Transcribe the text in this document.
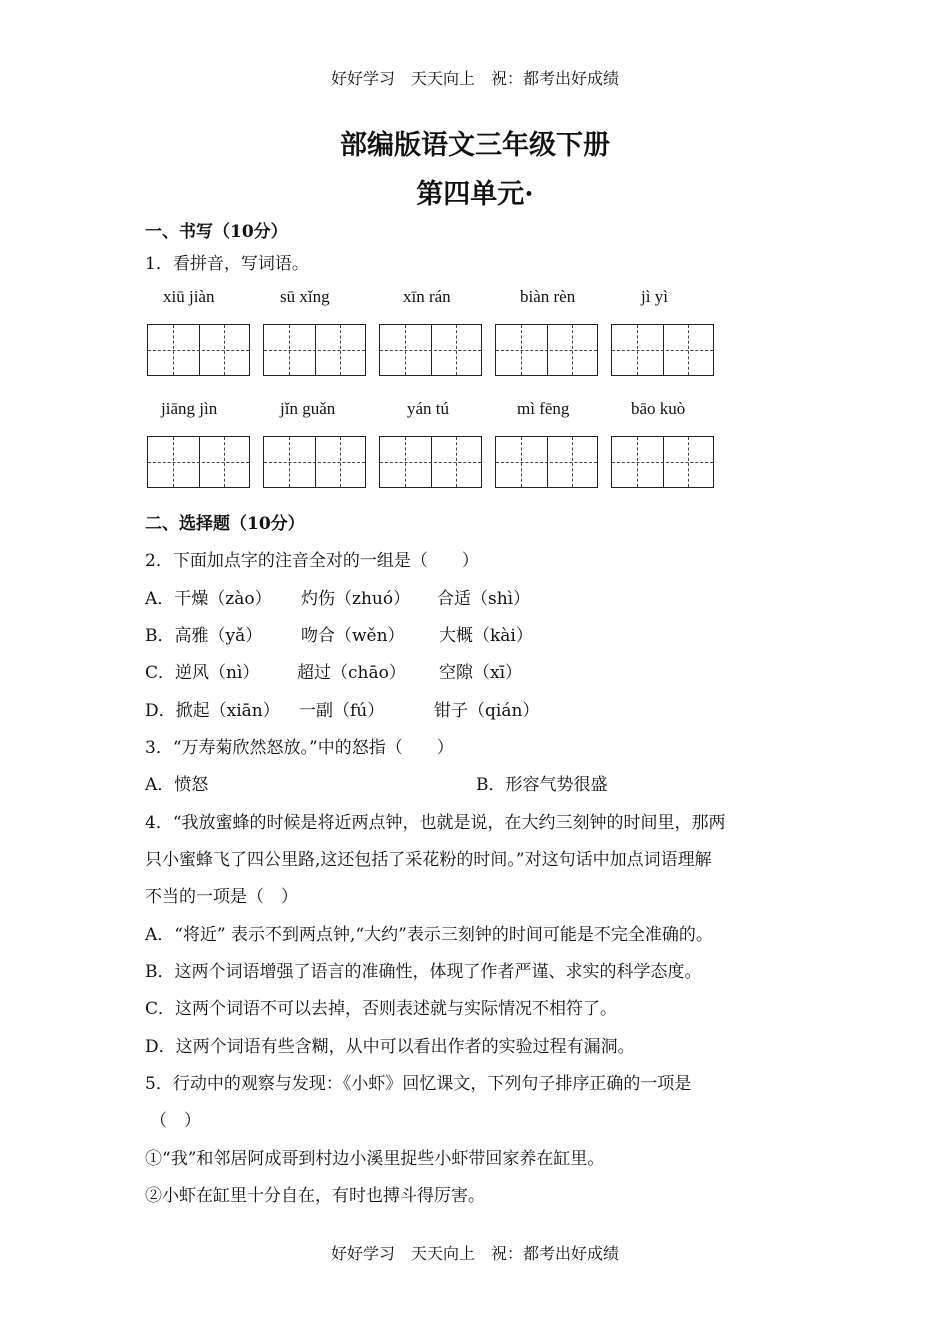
好好学习　天天向上　祝：都考出好成绩
部编版语文三年级下册
第四单元·
一、书写（10分）
1．看拼音，写词语。
xiū jiàn	sū xǐng	xīn rán	biàn rèn	jì yì
jiāng jìn	jǐn guǎn	yán tú	mì fēng	bāo kuò
二、选择题（10分）
2．下面加点字的注音全对的一组是（　　）
A．干燥（zào） 灼伤（zhuó） 合适（shì）
B．高雅（yǎ） 吻合（wěn） 大概（kài）
C．逆风（nì） 超过（chāo） 空隙（xī）
D．掀起（xiān） 一副（fú）	钳子（qián）
3．“万寿菊欣然怒放。”中的怒指（　　）
A．愤怒	B．形容气势很盛
4．“我放蜜蜂的时候是将近两点钟，也就是说，在大约三刻钟的时间里，那两
只小蜜蜂飞了四公里路,这还包括了采花粉的时间。”对这句话中加点词语理解
不当的一项是（　）
A．“将近” 表示不到两点钟,“大约”表示三刻钟的时间可能是不完全准确的。
B．这两个词语增强了语言的准确性，体现了作者严谨、求实的科学态度。
C．这两个词语不可以去掉，否则表述就与实际情况不相符了。
D．这两个词语有些含糊，从中可以看出作者的实验过程有漏洞。
5．行动中的观察与发现：《小虾》回忆课文，下列句子排序正确的一项是
（　）
①“我”和邻居阿成哥到村边小溪里捉些小虾带回家养在缸里。
②小虾在缸里十分自在，有时也搏斗得厉害。
好好学习　天天向上　祝：都考出好成绩
